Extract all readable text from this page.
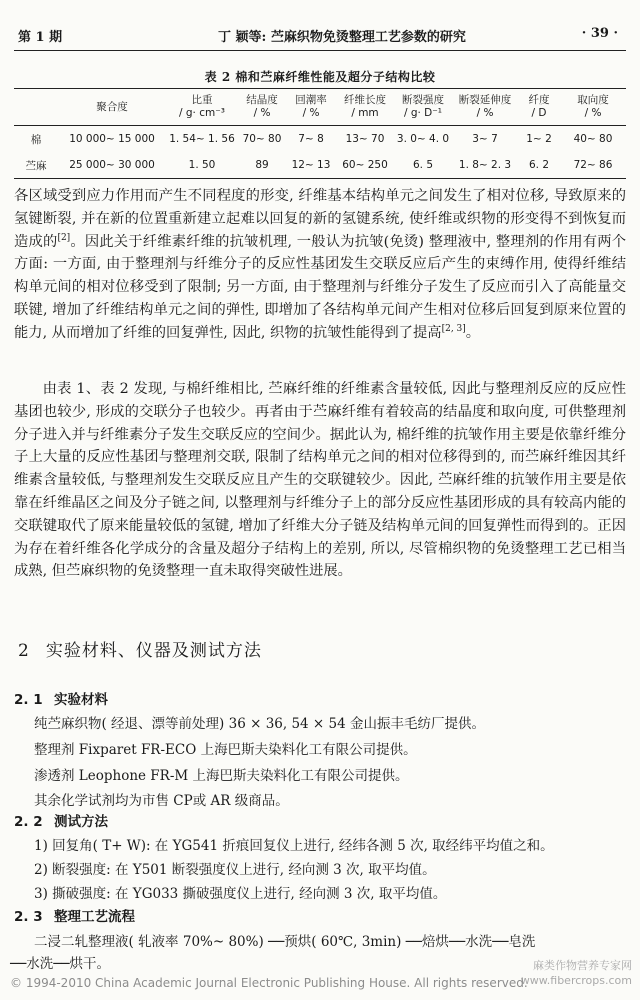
第 1 期	丁 颖等: 苎麻织物免烫整理工艺参数的研究	· 39 ·
表 2 棉和苎麻纤维性能及超分子结构比较
	聚合度	比重	结晶度	回潮率	纤维长度	断裂强度	断裂延伸度	纤度	取向度
		/ g· cm⁻³	/ %	/ %	/ mm	/ g· D⁻¹	/ %	/ D	/ %
棉	10 000~ 15 000	1. 54~ 1. 56	70~ 80	7~ 8	13~ 70	3. 0~ 4. 0	3~ 7	1~ 2	40~ 80
苎麻	25 000~ 30 000	1. 50	89	12~ 13	60~ 250	6. 5	1. 8~ 2. 3	6. 2	72~ 86

各区域受到应力作用而产生不同程度的形变, 纤维基本结构单元之间发生了相对位移, 导致原来的氢键断裂, 并在新的位置重新建立起难以回复的新的氢键系统, 使纤维或织物的形变得不到恢复而造成的[2]。因此关于纤维素纤维的抗皱机理, 一般认为抗皱(免烫) 整理液中, 整理剂的作用有两个方面: 一方面, 由于整理剂与纤维分子的反应性基团发生交联反应后产生的束缚作用, 使得纤维结构单元间的相对位移受到了限制; 另一方面, 由于整理剂与纤维分子发生了反应而引入了高能量交联键, 增加了纤维结构单元之间的弹性, 即增加了各结构单元间产生相对位移后回复到原来位置的能力, 从而增加了纤维的回复弹性, 因此, 织物的抗皱性能得到了提高[2, 3]。

由表 1、表 2 发现, 与棉纤维相比, 苎麻纤维的纤维素含量较低, 因此与整理剂反应的反应性基团也较少, 形成的交联分子也较少。再者由于苎麻纤维有着较高的结晶度和取向度, 可供整理剂分子进入并与纤维素分子发生交联反应的空间少。据此认为, 棉纤维的抗皱作用主要是依靠纤维分子上大量的反应性基团与整理剂交联, 限制了结构单元之间的相对位移得到的, 而苎麻纤维因其纤维素含量较低, 与整理剂发生交联反应且产生的交联键较少。因此, 苎麻纤维的抗皱作用主要是依靠在纤维晶区之间及分子链之间, 以整理剂与纤维分子上的部分反应性基团形成的具有较高内能的交联键取代了原来能量较低的氢键, 增加了纤维大分子链及结构单元间的回复弹性而得到的。正因为存在着纤维各化学成分的含量及超分子结构上的差别, 所以, 尽管棉织物的免烫整理工艺已相当成熟, 但苎麻织物的免烫整理一直未取得突破性进展。

2 实验材料、仪器及测试方法
2. 1 实验材料
纯苎麻织物( 经退、漂等前处理) 36 × 36, 54 × 54 金山振丰毛纺厂提供。
整理剂 Fixparet FR-ECO 上海巴斯夫染料化工有限公司提供。
渗透剂 Leophone FR-M 上海巴斯夫染料化工有限公司提供。
其余化学试剂均为市售 CP或 AR 级商品。
2. 2 测试方法
1) 回复角( T+ W): 在 YG541 折痕回复仪上进行, 经纬各测 5 次, 取经纬平均值之和。
2) 断裂强度: 在 Y501 断裂强度仪上进行, 经向测 3 次, 取平均值。
3) 撕破强度: 在 YG033 撕破强度仪上进行, 经向测 3 次, 取平均值。
2. 3 整理工艺流程
二浸二轧整理液( 轧液率 70%~ 80%) ──预烘( 60℃, 3min) ──焙烘──水洗──皂洗
──水洗──烘干。	麻类作物营养专家网
www.fibercrops.com
© 1994-2010 China Academic Journal Electronic Publishing House. All rights reserved.
